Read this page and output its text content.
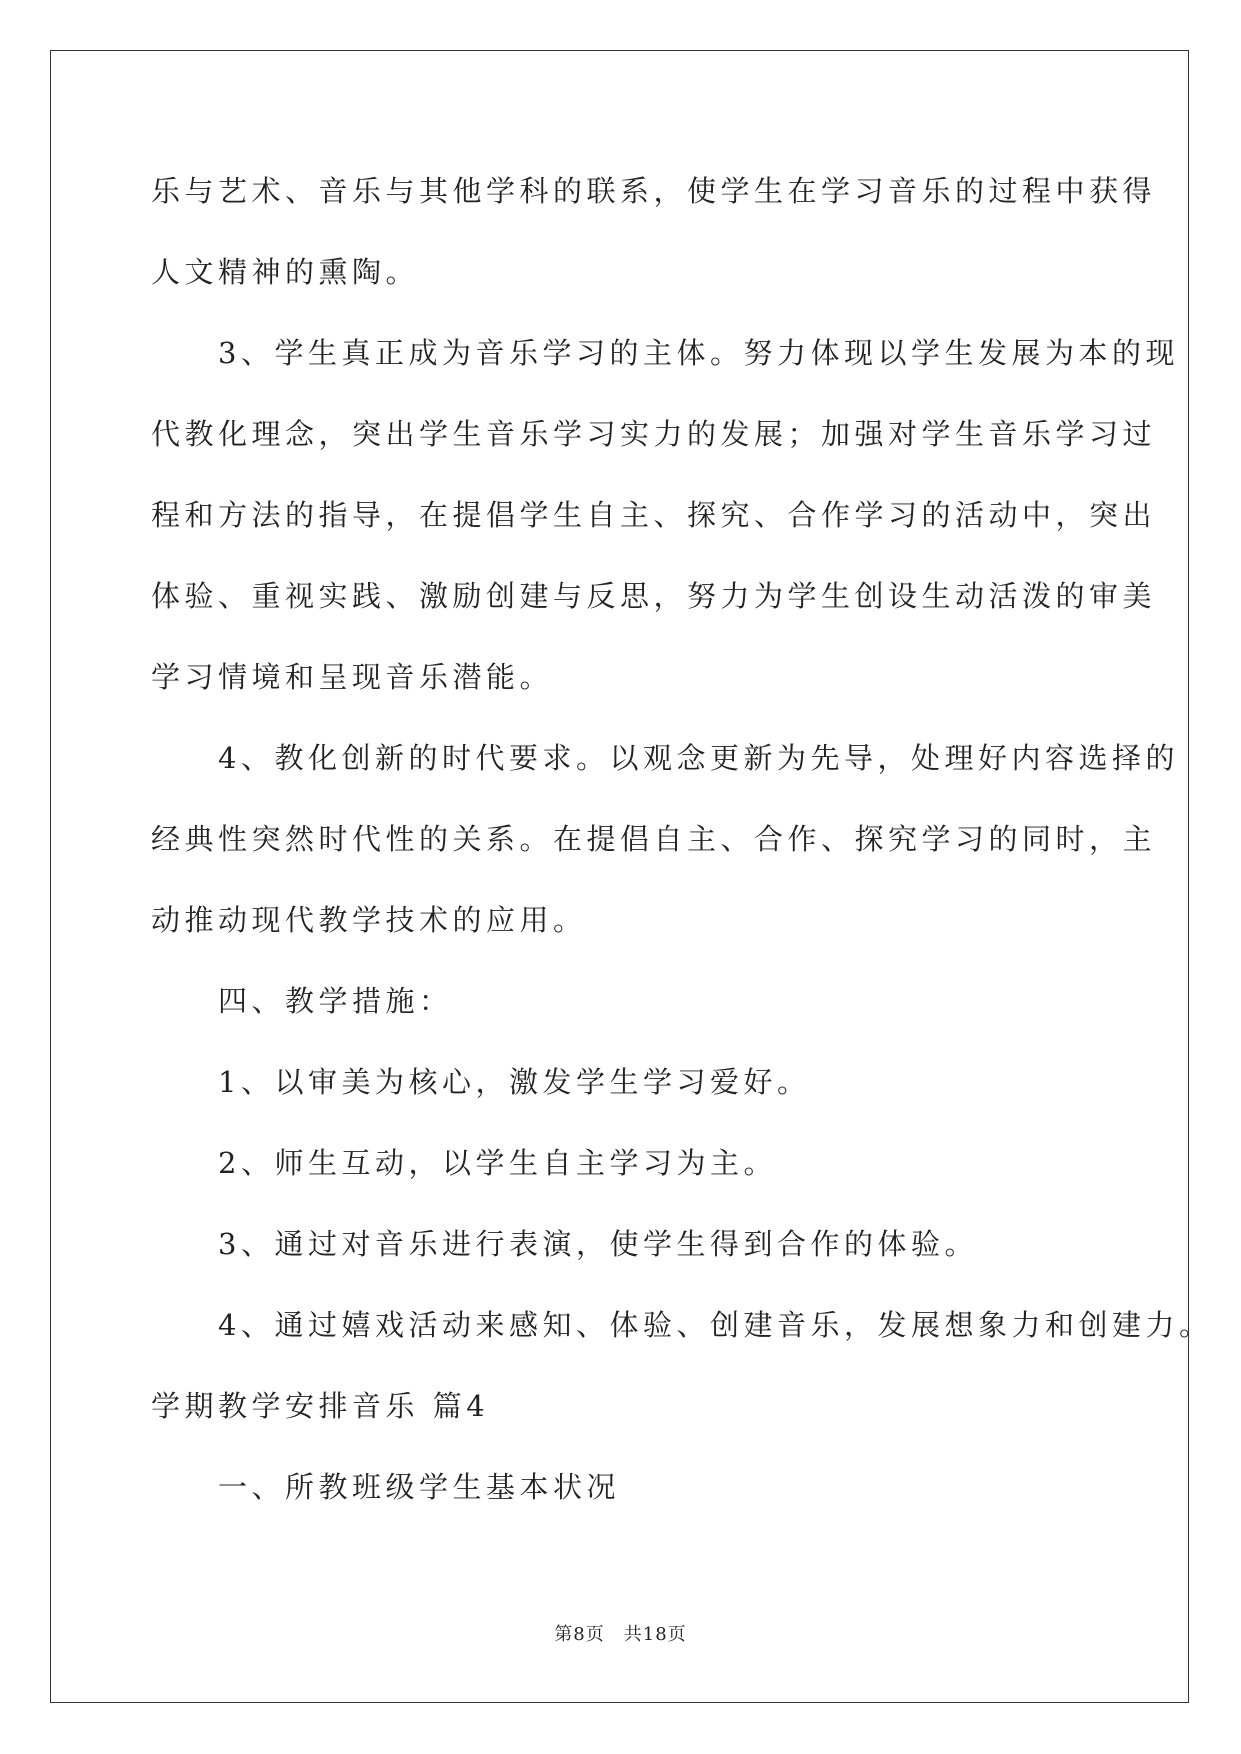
乐与艺术、音乐与其他学科的联系，使学生在学习音乐的过程中获得
人文精神的熏陶。
　　3、学生真正成为音乐学习的主体。努力体现以学生发展为本的现
代教化理念，突出学生音乐学习实力的发展；加强对学生音乐学习过
程和方法的指导，在提倡学生自主、探究、合作学习的活动中，突出
体验、重视实践、激励创建与反思，努力为学生创设生动活泼的审美
学习情境和呈现音乐潜能。
　　4、教化创新的时代要求。以观念更新为先导，处理好内容选择的
经典性突然时代性的关系。在提倡自主、合作、探究学习的同时，主
动推动现代教学技术的应用。
　　四、教学措施：
　　1、以审美为核心，激发学生学习爱好。
　　2、师生互动，以学生自主学习为主。
　　3、通过对音乐进行表演，使学生得到合作的体验。
　　4、通过嬉戏活动来感知、体验、创建音乐，发展想象力和创建力。
学期教学安排音乐 篇4
　　一、所教班级学生基本状况
第8页　共18页
